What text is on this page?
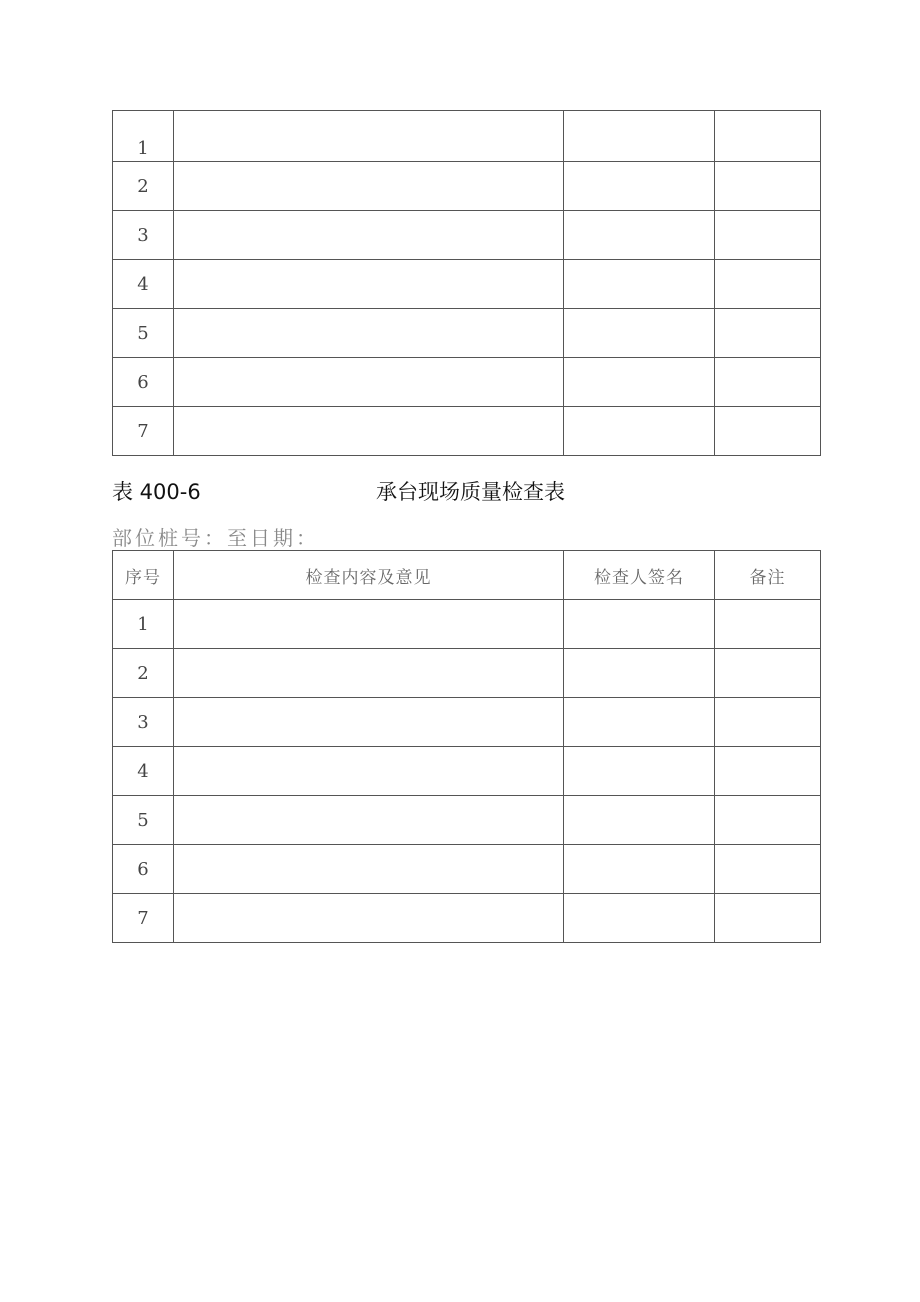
1			
2			
3			
4			
5			
6			
7			
表 400-6	承台现场质量检查表
部位桩号：至日期：
序号	检查内容及意见	检查人签名	备注
1			
2			
3			
4			
5			
6			
7			
